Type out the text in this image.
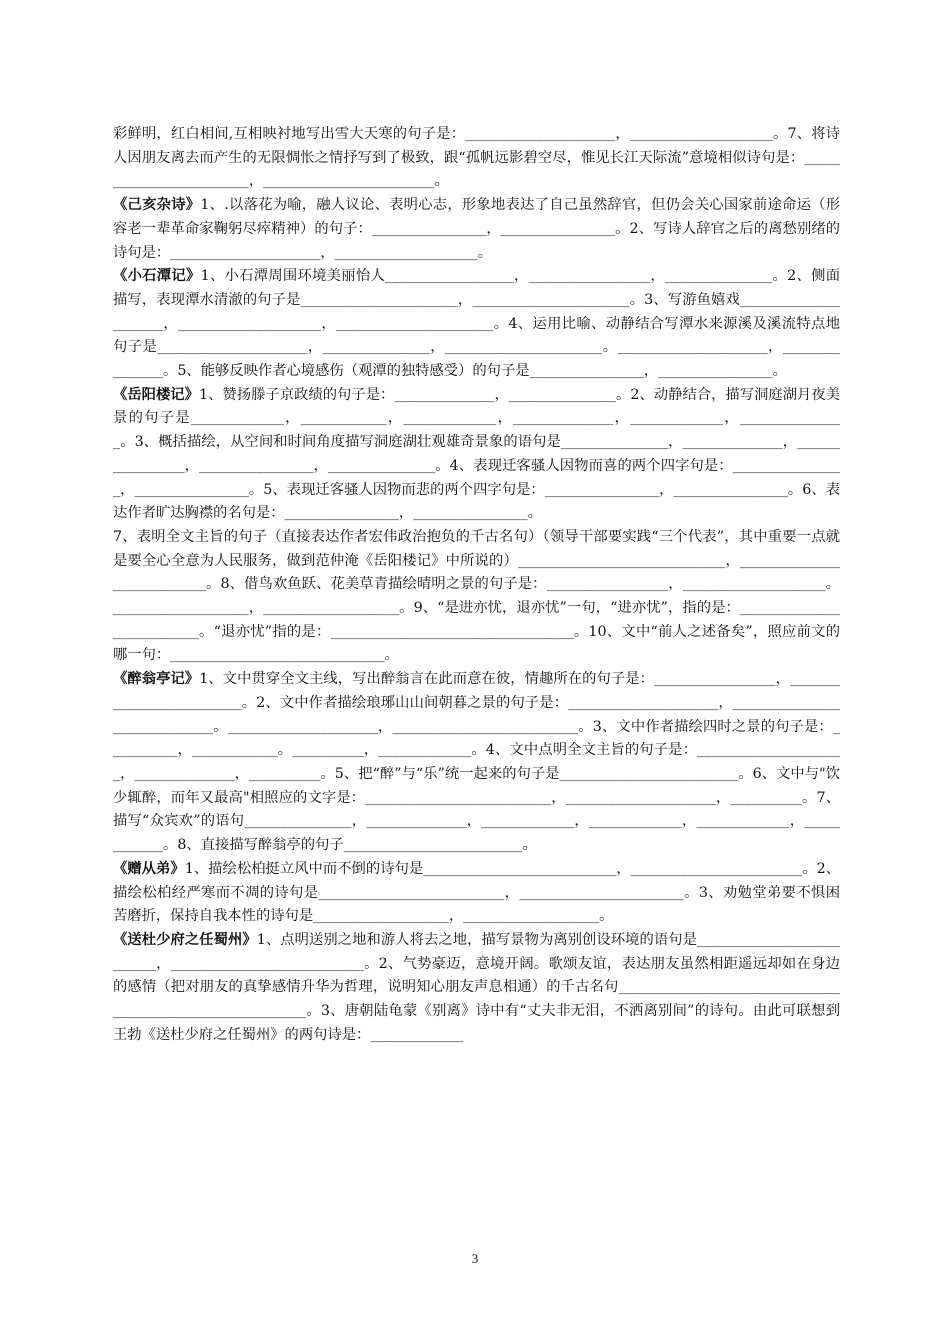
彩鲜明，红白相间,互相映衬地写出雪大天寒的句子是：_____________________，____________________。7、将诗人因朋友离去而产生的无限惆怅之情抒写到了极致，跟“孤帆远影碧空尽，惟见长江天际流”意境相似诗句是：________________________，________________________。

《己亥杂诗》1、.以落花为喻，融人议论、表明心志，形象地表达了自己虽然辞官，但仍会关心国家前途命运（形容老一辈革命家鞠躬尽瘁精神）的句子：________________，________________。2、写诗人辞官之后的离愁别绪的诗句是：_____________________，____________________。

《小石潭记》1、小石潭周围环境美丽怡人__________________，_________________，_______________。2、侧面描写，表现潭水清澈的句子是______________________，______________________。3、写游鱼嬉戏_____________________，____________________，______________________。4、运用比喻、动静结合写潭水来源溪及溪流特点地句子是_____________________，_______________，______________________。_____________________，_______________。5、能够反映作者心境感伤（观潭的独特感受）的句子是________________，________________。

《岳阳楼记》1、赞扬滕子京政绩的句子是：______________，_______________。2、动静结合，描写洞庭湖月夜美景的句子是_____________，____________，_____________，______________，_____________，_______________。3、概括描绘，从空间和时间角度描写洞庭湖壮观雄奇景象的语句是_______________，______________，________________，________________，_______________。4、表现迁客骚人因物而喜的两个四字句是：________________，________________。5、表现迁客骚人因物而悲的两个四字句是：________________，________________。6、表达作者旷达胸襟的名句是：________________，________________。

7、表明全文主旨的句子（直接表达作者宏伟政治抱负的千古名句）（领导干部要实践“三个代表”，其中重要一点就是要全心全意为人民服务，做到范仲淹《岳阳楼记》中所说的）_____________________________，___________________________。8、借鸟欢鱼跃、花美草青描绘晴明之景的句子是：_________________，____________________。___________________，___________________。9、“是进亦忧，退亦忧”一句，“进亦忧”，指的是：__________________________。“退亦忧”指的是：__________________________________。10、文中“前人之述备矣”，照应前文的哪一句：______________________________。

《醉翁亭记》1、文中贯穿全文主线，写出醉翁言在此而意在彼，情趣所在的句子是：_________________，_________________________。2、文中作者描绘琅琊山山间朝暮之景的句子是：_____________________，_____________________________。_____________________，__________________________。3、文中作者描绘四时之景的句子是：__________，____________。__________，_____________。4、文中点明全文主旨的句子是：_____________________，______________，__________。5、把“醉”与“乐”统一起来的句子是_________________________。6、文中与"饮少辄醉，而年又最高"相照应的文字是：__________________________，_____________________，__________。7、描写“众宾欢”的语句_______________，______________，_____________，_____________，_____________，____________。8、直接描写醉翁亭的句子_________________________。

《赠从弟》1、描绘松柏挺立风中而不倒的诗句是___________________________，________________________。2、描绘松柏经严寒而不凋的诗句是__________________________，_______________________。3、劝勉堂弟要不惧困苦磨折，保持自我本性的诗句是___________________，___________________。

《送杜少府之任蜀州》1、点明送别之地和游人将去之地，描写景物为离别创设环境的语句是__________________________，___________________________。2、气势豪迈，意境开阔。歌颂友谊，表达朋友虽然相距遥远却如在身边的感情（把对朋友的真挚感情升华为哲理，说明知心朋友声息相通）的千古名句__________________________________________________________。3、唐朝陆龟蒙《别离》诗中有“丈夫非无泪，不洒离别间”的诗句。由此可联想到王勃《送杜少府之任蜀州》的两句诗是：_____________

3
